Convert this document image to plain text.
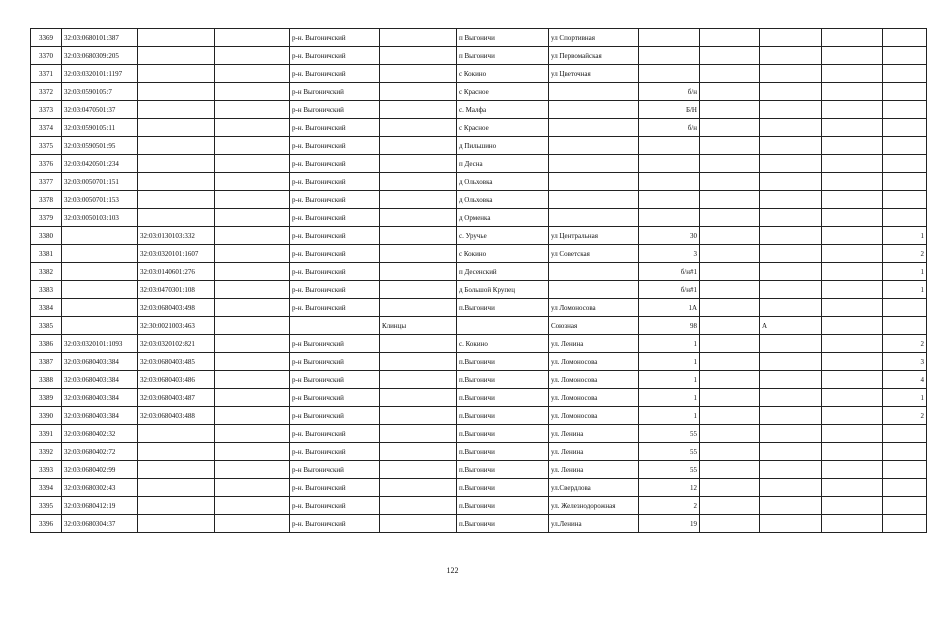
3369	32:03:0680101:387			р-н. Выгоничский		п Выгоничи	ул Спортивная					
3370	32:03:0680309:205			р-н. Выгоничский		п Выгоничи	ул Первомайская					
3371	32:03:0320101:1197			р-н. Выгоничский		с Кокино	ул Цветочная					
3372	32:03:0590105:7			р-н Выгоничский		с Красное		б/н				
3373	32:03:0470501:37			р-н Выгоничский		с. Малфа		Б/Н				
3374	32:03:0590105:11			р-н. Выгоничский		с Красное		б/н				
3375	32:03:0590501:95			р-н. Выгоничский		д Пильшино						
3376	32:03:0420501:234			р-н. Выгоничский		п Десна						
3377	32:03:0050701:151			р-н. Выгоничский		д Ольховка						
3378	32:03:0050701:153			р-н. Выгоничский		д Ольховка						
3379	32:03:0050103:103			р-н. Выгоничский		д Орменка						
3380		32:03:0130103:332		р-н. Выгоничский		с. Уручье	ул Центральная	30				1
3381		32:03:0320101:1607		р-н. Выгоничский		с Кокино	ул Советская	3				2
3382		32:03:0140601:276		р-н. Выгоничский		п Десенский		б/н#1				1
3383		32:03:0470301:108		р-н. Выгоничский		д Большой Крупец		б/н#1				1
3384		32:03:0680403:498		р-н. Выгоничский		п.Выгоничи	ул Ломоносова	1А				
3385		32:30:0021003:463			Клинцы		Союзная	98		А		
3386	32:03:0320101:1093	32:03:0320102:821		р-н Выгоничский		с. Кокино	ул. Ленина	1				2
3387	32:03:0680403:384	32:03:0680403:485		р-н Выгоничский		п.Выгоничи	ул. Ломоносова	1				3
3388	32:03:0680403:384	32:03:0680403:486		р-н Выгоничский		п.Выгоничи	ул. Ломоносова	1				4
3389	32:03:0680403:384	32:03:0680403:487		р-н Выгоничский		п.Выгоничи	ул. Ломоносова	1				1
3390	32:03:0680403:384	32:03:0680403:488		р-н Выгоничский		п.Выгоничи	ул. Ломоносова	1				2
3391	32:03:0680402:32			р-н. Выгоничский		п.Выгоничи	ул. Ленина	55				
3392	32:03:0680402:72			р-н. Выгоничский		п.Выгоничи	ул. Ленина	55				
3393	32:03:0680402:99			р-н Выгоничский		п.Выгоничи	ул. Ленина	55				
3394	32:03:0680302:43			р-н. Выгоничский		п.Выгоничи	ул.Свердлова	12				
3395	32:03:0680412:19			р-н. Выгоничский		п.Выгоничи	ул. Железнодорожная	2				
3396	32:03:0680304:37			р-н. Выгоничский		п.Выгоничи	ул.Ленина	19				
122
